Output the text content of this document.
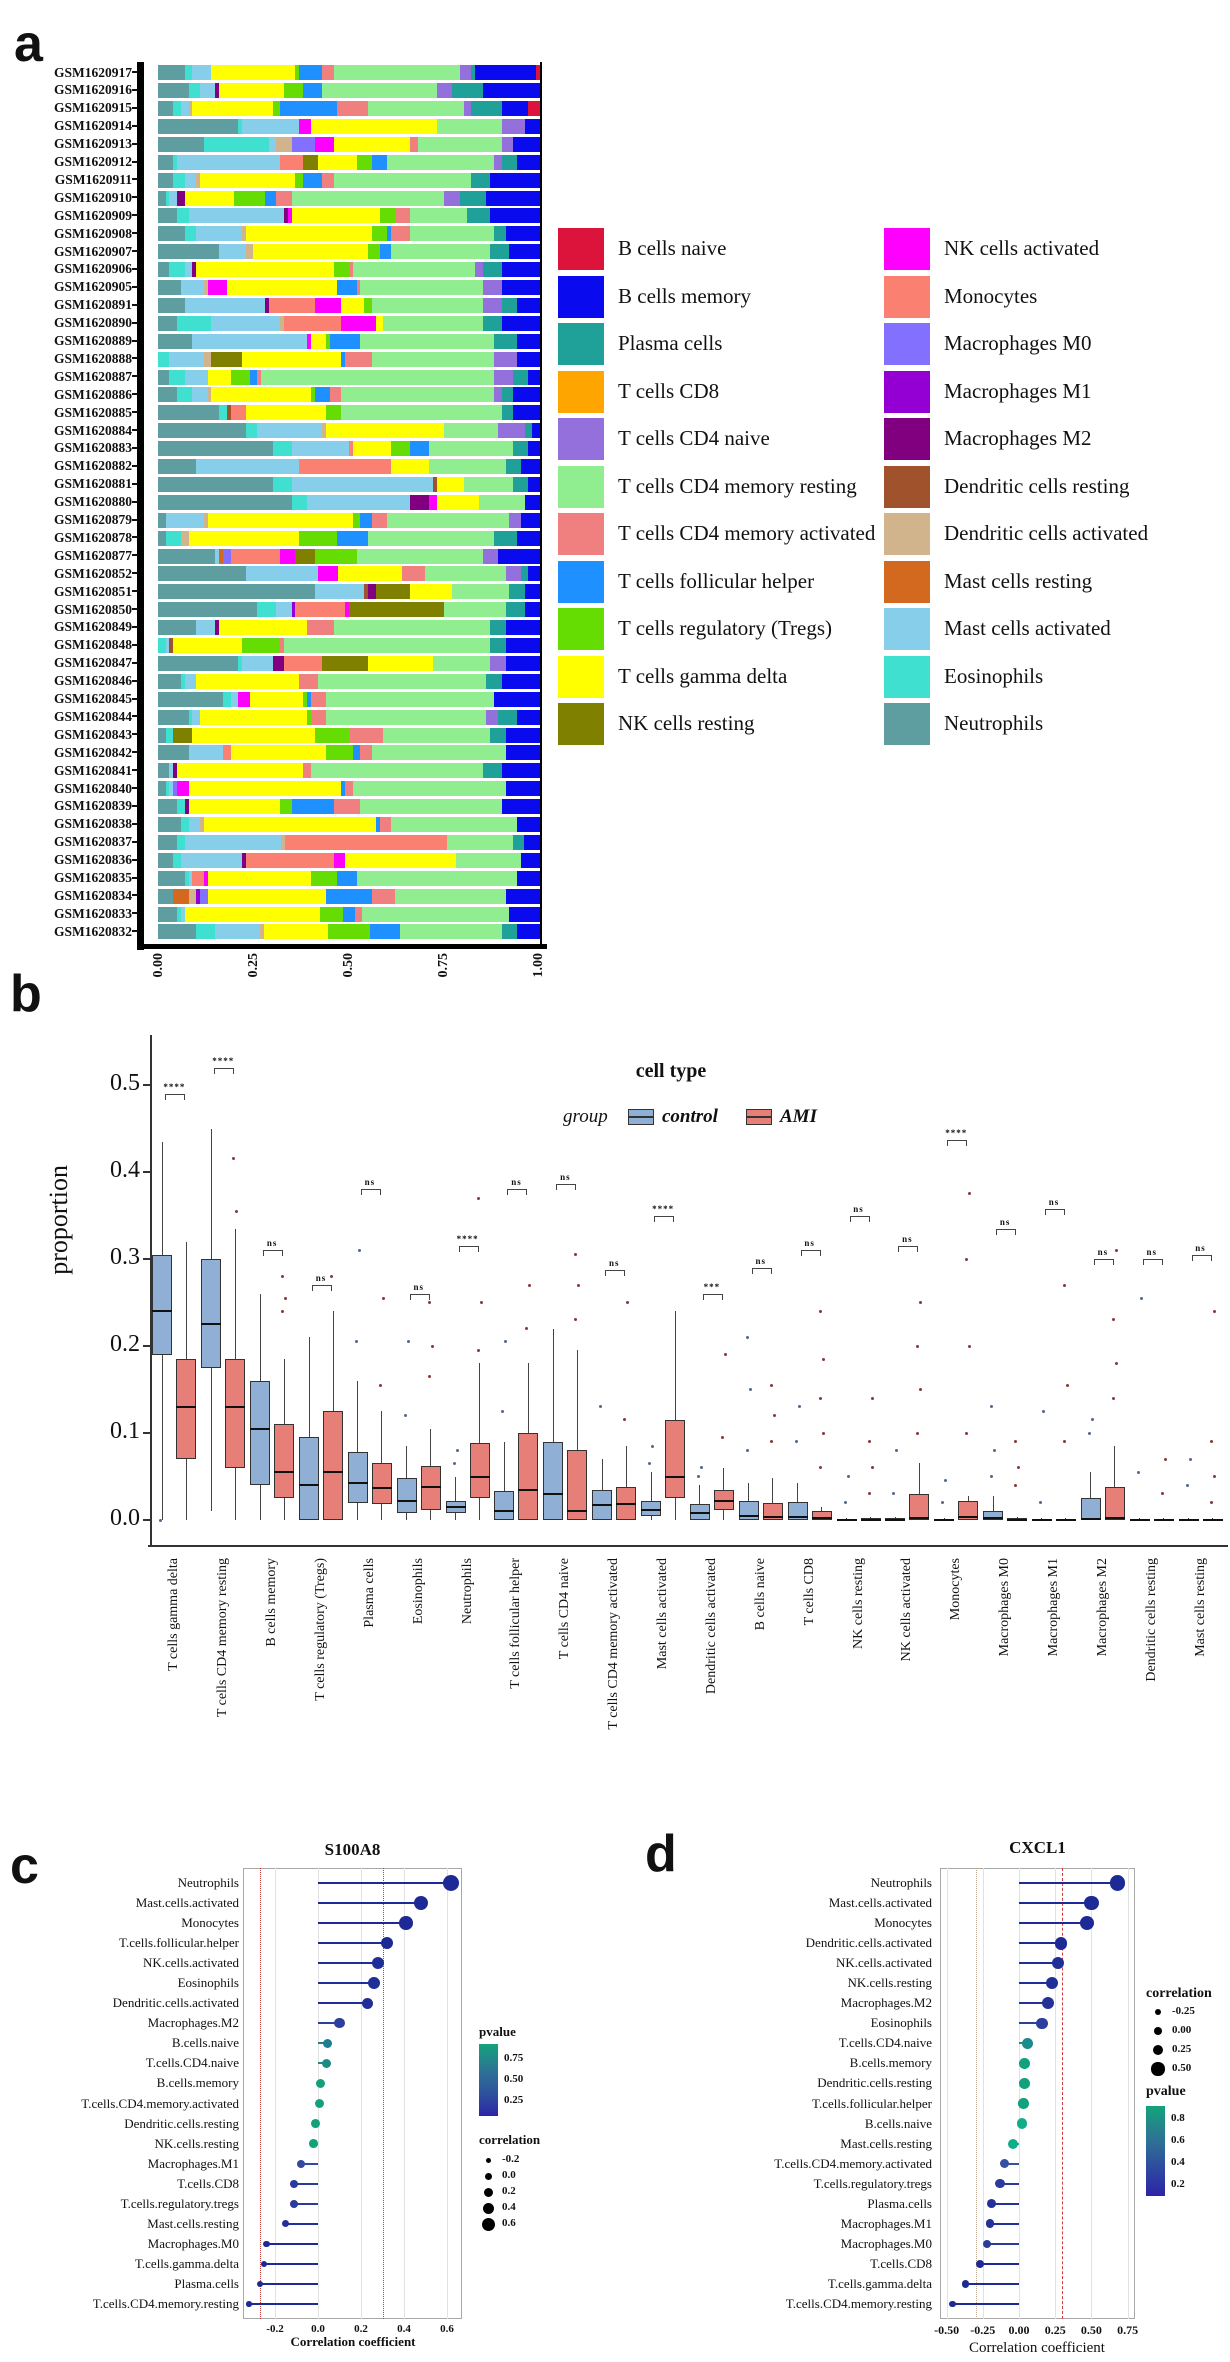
a
b
c	d
GSM1620917
GSM1620916
GSM1620915
GSM1620914
GSM1620913
GSM1620912
GSM1620911
GSM1620910
GSM1620909
GSM1620908
GSM1620907
GSM1620906
GSM1620905
GSM1620891
GSM1620890
GSM1620889
GSM1620888
GSM1620887
GSM1620886
GSM1620885
GSM1620884
GSM1620883
GSM1620882
GSM1620881
GSM1620880
GSM1620879
GSM1620878
GSM1620877
GSM1620852
GSM1620851
GSM1620850
GSM1620849
GSM1620848
GSM1620847
GSM1620846
GSM1620845
GSM1620844
GSM1620843
GSM1620842
GSM1620841
GSM1620840
GSM1620839
GSM1620838
GSM1620837
GSM1620836
GSM1620835
GSM1620834
GSM1620833
GSM1620832
0.00	0.25	0.50	0.75	1.00
B cells naive
B cells memory
Plasma cells
T cells CD8
T cells CD4 naive
T cells CD4 memory resting
T cells CD4 memory activated
T cells follicular helper
T cells regulatory (Tregs)
T cells gamma delta
NK cells resting
NK cells activated
Monocytes
Macrophages M0
Macrophages M1
Macrophages M2
Dendritic cells resting
Dendritic cells activated
Mast cells resting
Mast cells activated
Eosinophils
Neutrophils
proportion
cell type
0.0
0.1
0.2
0.3
0.4
0.5	****
T cells gamma delta
****
T cells CD4 memory resting
ns
B cells memory
ns
T cells regulatory (Tregs)
ns
Plasma cells
ns
Eosinophils
****
Neutrophils
ns
T cells follicular helper
ns
T cells CD4 naive
ns
T cells CD4 memory activated
****
Mast cells activated
***
Dendritic cells activated
ns
B cells naive
ns
T cells CD8
ns
NK cells resting
ns
NK cells activated
****
Monocytes
ns
Macrophages M0
ns
Macrophages M1
ns
Macrophages M2
ns
Dendritic cells resting
ns
Mast cells resting
group	control	AMI
S100A8
Correlation coefficient
pvalue
correlation
-0.2	0.0	0.2	0.4	0.6
Neutrophils
Mast.cells.activated
Monocytes
T.cells.follicular.helper
NK.cells.activated
Eosinophils
Dendritic.cells.activated
Macrophages.M2
B.cells.naive
T.cells.CD4.naive
B.cells.memory
T.cells.CD4.memory.activated
Dendritic.cells.resting
NK.cells.resting
Macrophages.M1
T.cells.CD8
T.cells.regulatory.tregs
Mast.cells.resting
Macrophages.M0
T.cells.gamma.delta
Plasma.cells
T.cells.CD4.memory.resting
0.75
0.50
0.25
-0.2
0.0
0.2
0.4
0.6
CXCL1
Correlation coefficient
correlation
pvalue
-0.50 -0.25	0.00	0.25	0.50	0.75
Neutrophils
Mast.cells.activated
Monocytes
Dendritic.cells.activated
NK.cells.activated
NK.cells.resting
Macrophages.M2
Eosinophils
T.cells.CD4.naive
B.cells.memory
Dendritic.cells.resting
T.cells.follicular.helper
B.cells.naive
Mast.cells.resting
T.cells.CD4.memory.activated
T.cells.regulatory.tregs
Plasma.cells
Macrophages.M1
Macrophages.M0
T.cells.CD8
T.cells.gamma.delta
T.cells.CD4.memory.resting
-0.25
0.00
0.25
0.50
0.8
0.6
0.4
0.2
